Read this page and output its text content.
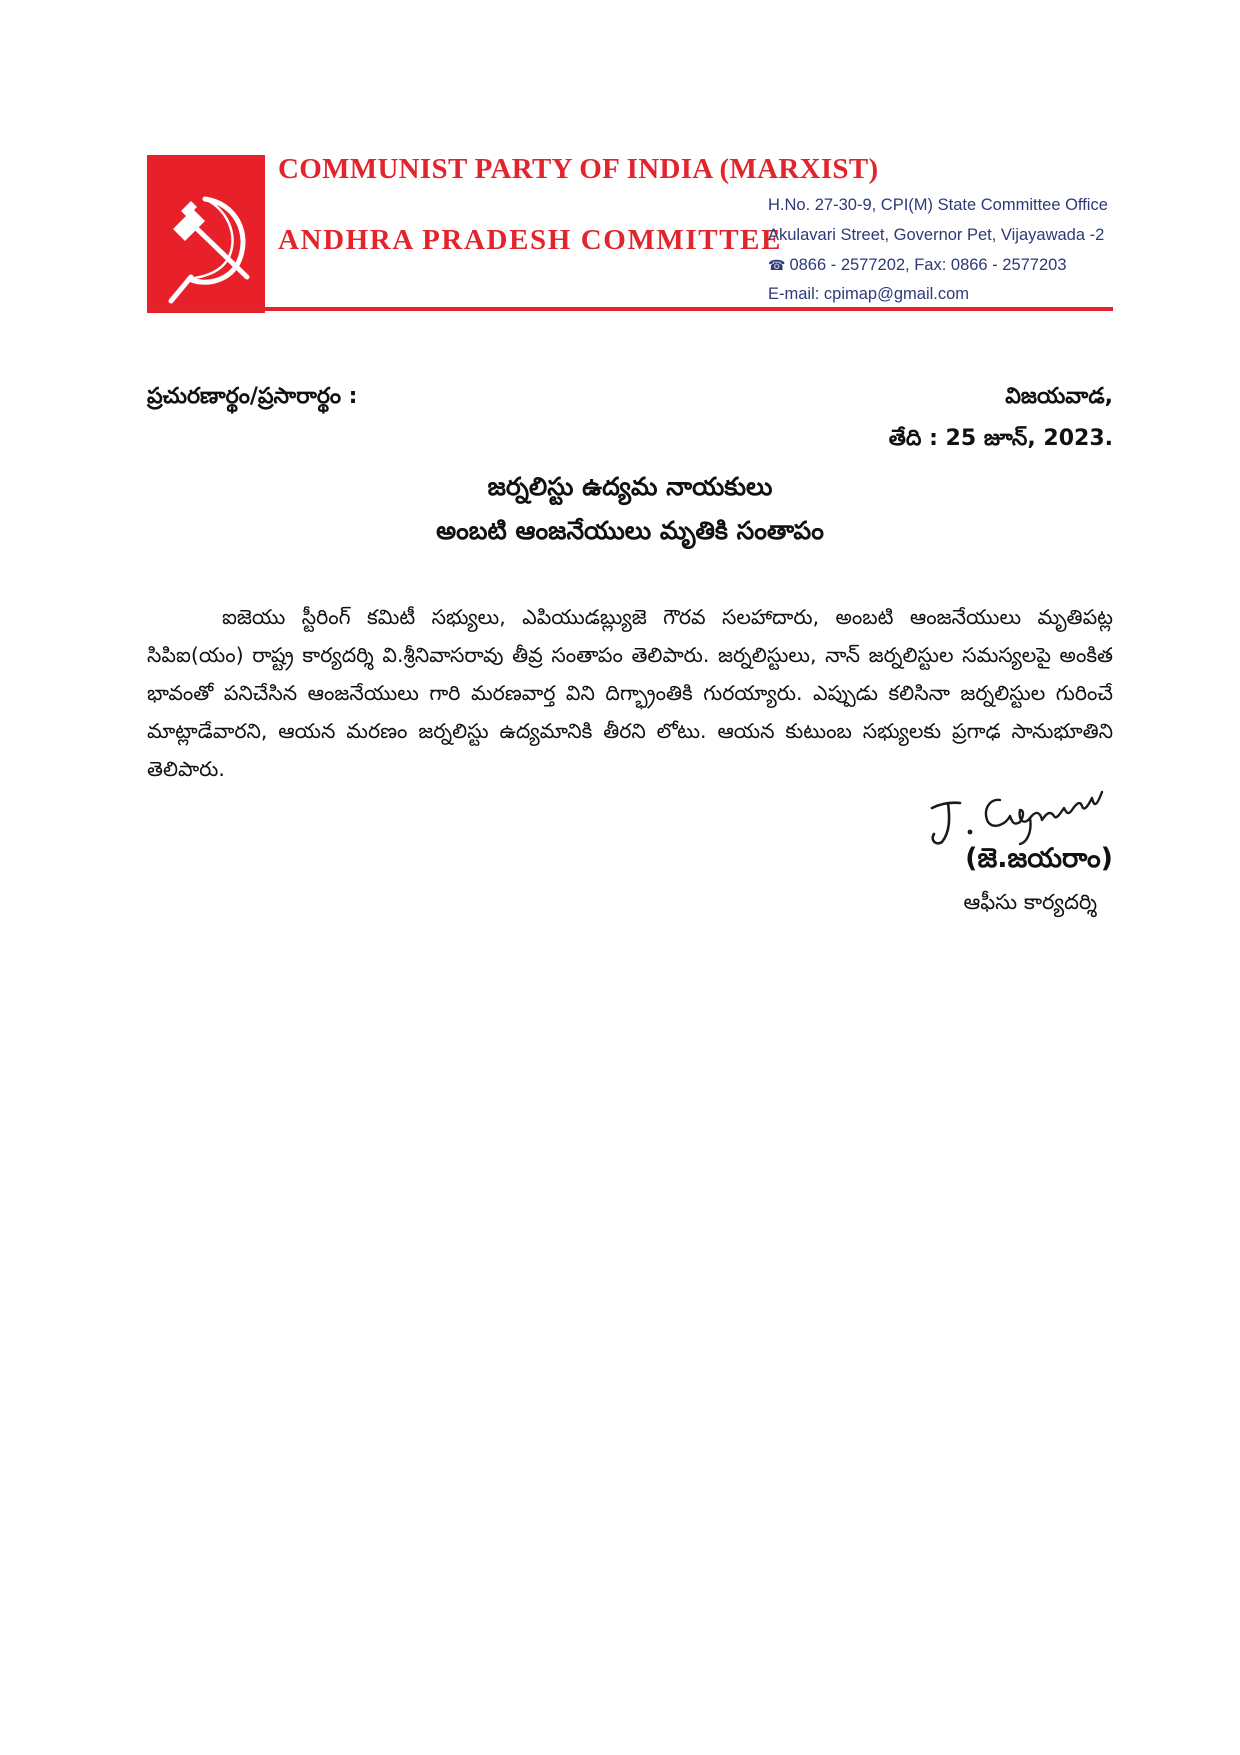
COMMUNIST PARTY OF INDIA (MARXIST)
ANDHRA PRADESH COMMITTEE
H.No. 27-30-9, CPI(M) State Committee Office
Akulavari Street, Governor Pet, Vijayawada -2
☎ 0866 - 2577202, Fax: 0866 - 2577203
E-mail: cpimap@gmail.com
ప్రచురణార్థం/ప్రసారార్థం :	విజయవాడ,
తేది : 25 జూన్, 2023.
జర్నలిస్టు ఉద్యమ నాయకులు
అంబటి ఆంజనేయులు మృతికి సంతాపం
ఐజెయు స్టీరింగ్ కమిటీ సభ్యులు, ఎపియుడబ్ల్యుజె గౌరవ సలహాదారు, అంబటి ఆంజనేయులు మృతిపట్ల సిపిఐ(యం) రాష్ట్ర కార్యదర్శి వి.శ్రీనివాసరావు తీవ్ర సంతాపం తెలిపారు. జర్నలిస్టులు, నాన్ జర్నలిస్టుల సమస్యలపై అంకిత భావంతో పనిచేసిన ఆంజనేయులు గారి మరణవార్త విని దిగ్భ్రాంతికి గురయ్యారు. ఎప్పుడు కలిసినా జర్నలిస్టుల గురించే మాట్లాడేవారని, ఆయన మరణం జర్నలిస్టు ఉద్యమానికి తీరని లోటు. ఆయన కుటుంబ సభ్యులకు ప్రగాఢ సానుభూతిని తెలిపారు.
(జె.జయరాం)
ఆఫీసు కార్యదర్శి
